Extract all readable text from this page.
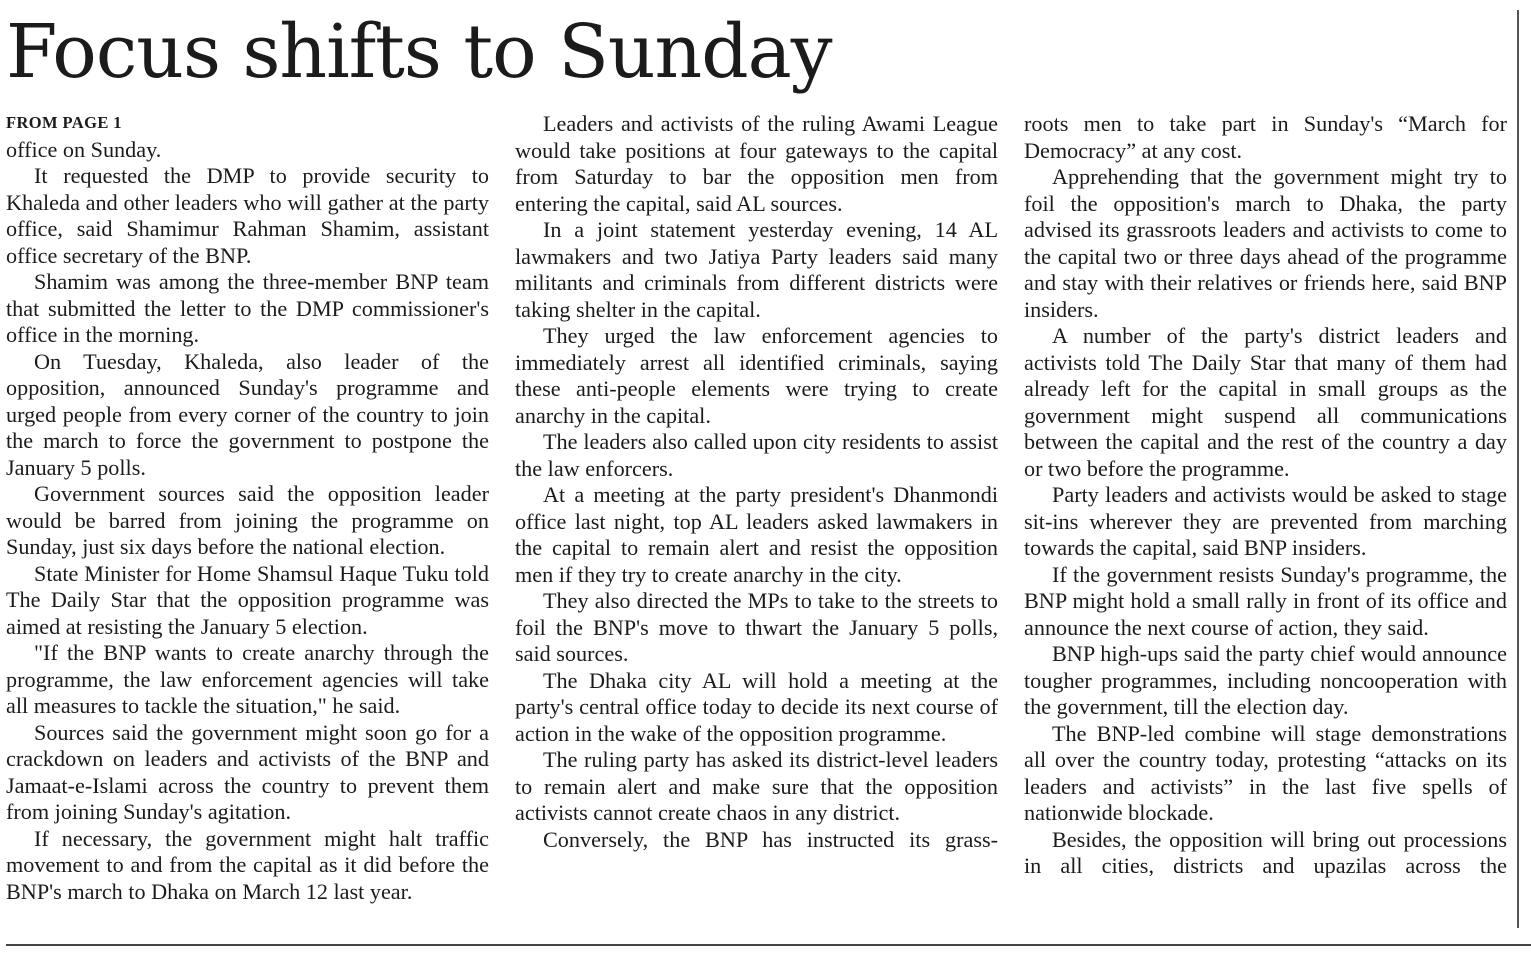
Focus shifts to Sunday
FROM PAGE 1

office on Sunday.

It requested the DMP to provide security to Khaleda and other leaders who will gather at the party office, said Shamimur Rahman Shamim, assistant office secretary of the BNP.

Shamim was among the three-member BNP team that submitted the letter to the DMP commissioner's office in the morning.

On Tuesday, Khaleda, also leader of the opposition, announced Sunday's programme and urged people from every corner of the country to join the march to force the government to postpone the January 5 polls.

Government sources said the opposition leader would be barred from joining the programme on Sunday, just six days before the national election.

State Minister for Home Shamsul Haque Tuku told The Daily Star that the opposition programme was aimed at resisting the January 5 election.

"If the BNP wants to create anarchy through the programme, the law enforcement agencies will take all measures to tackle the situation," he said.

Sources said the government might soon go for a crackdown on leaders and activists of the BNP and Jamaat-e-Islami across the country to prevent them from joining Sunday's agitation.

If necessary, the government might halt traffic movement to and from the capital as it did before the BNP's march to Dhaka on March 12 last year.

Leaders and activists of the ruling Awami League would take positions at four gateways to the capital from Saturday to bar the opposition men from entering the capital, said AL sources.

In a joint statement yesterday evening, 14 AL lawmakers and two Jatiya Party leaders said many militants and criminals from different districts were taking shelter in the capital.

They urged the law enforcement agencies to immediately arrest all identified criminals, saying these anti-people elements were trying to create anarchy in the capital.

The leaders also called upon city residents to assist the law enforcers.

At a meeting at the party president's Dhanmondi office last night, top AL leaders asked lawmakers in the capital to remain alert and resist the opposition men if they try to create anarchy in the city.

They also directed the MPs to take to the streets to foil the BNP's move to thwart the January 5 polls, said sources.

The Dhaka city AL will hold a meeting at the party's central office today to decide its next course of action in the wake of the opposition programme.

The ruling party has asked its district-level leaders to remain alert and make sure that the opposition activists cannot create chaos in any district.

Conversely, the BNP has instructed its grass-

roots men to take part in Sunday's “March for Democracy” at any cost.

Apprehending that the government might try to foil the opposition's march to Dhaka, the party advised its grassroots leaders and activists to come to the capital two or three days ahead of the programme and stay with their relatives or friends here, said BNP insiders.

A number of the party's district leaders and activists told The Daily Star that many of them had already left for the capital in small groups as the government might suspend all communications between the capital and the rest of the country a day or two before the programme.

Party leaders and activists would be asked to stage sit-ins wherever they are prevented from marching towards the capital, said BNP insiders.

If the government resists Sunday's programme, the BNP might hold a small rally in front of its office and announce the next course of action, they said.

BNP high-ups said the party chief would announce tougher programmes, including noncooperation with the government, till the election day.

The BNP-led combine will stage demonstrations all over the country today, protesting “attacks on its leaders and activists” in the last five spells of nationwide blockade.

Besides, the opposition will bring out processions in all cities, districts and upazilas across the
